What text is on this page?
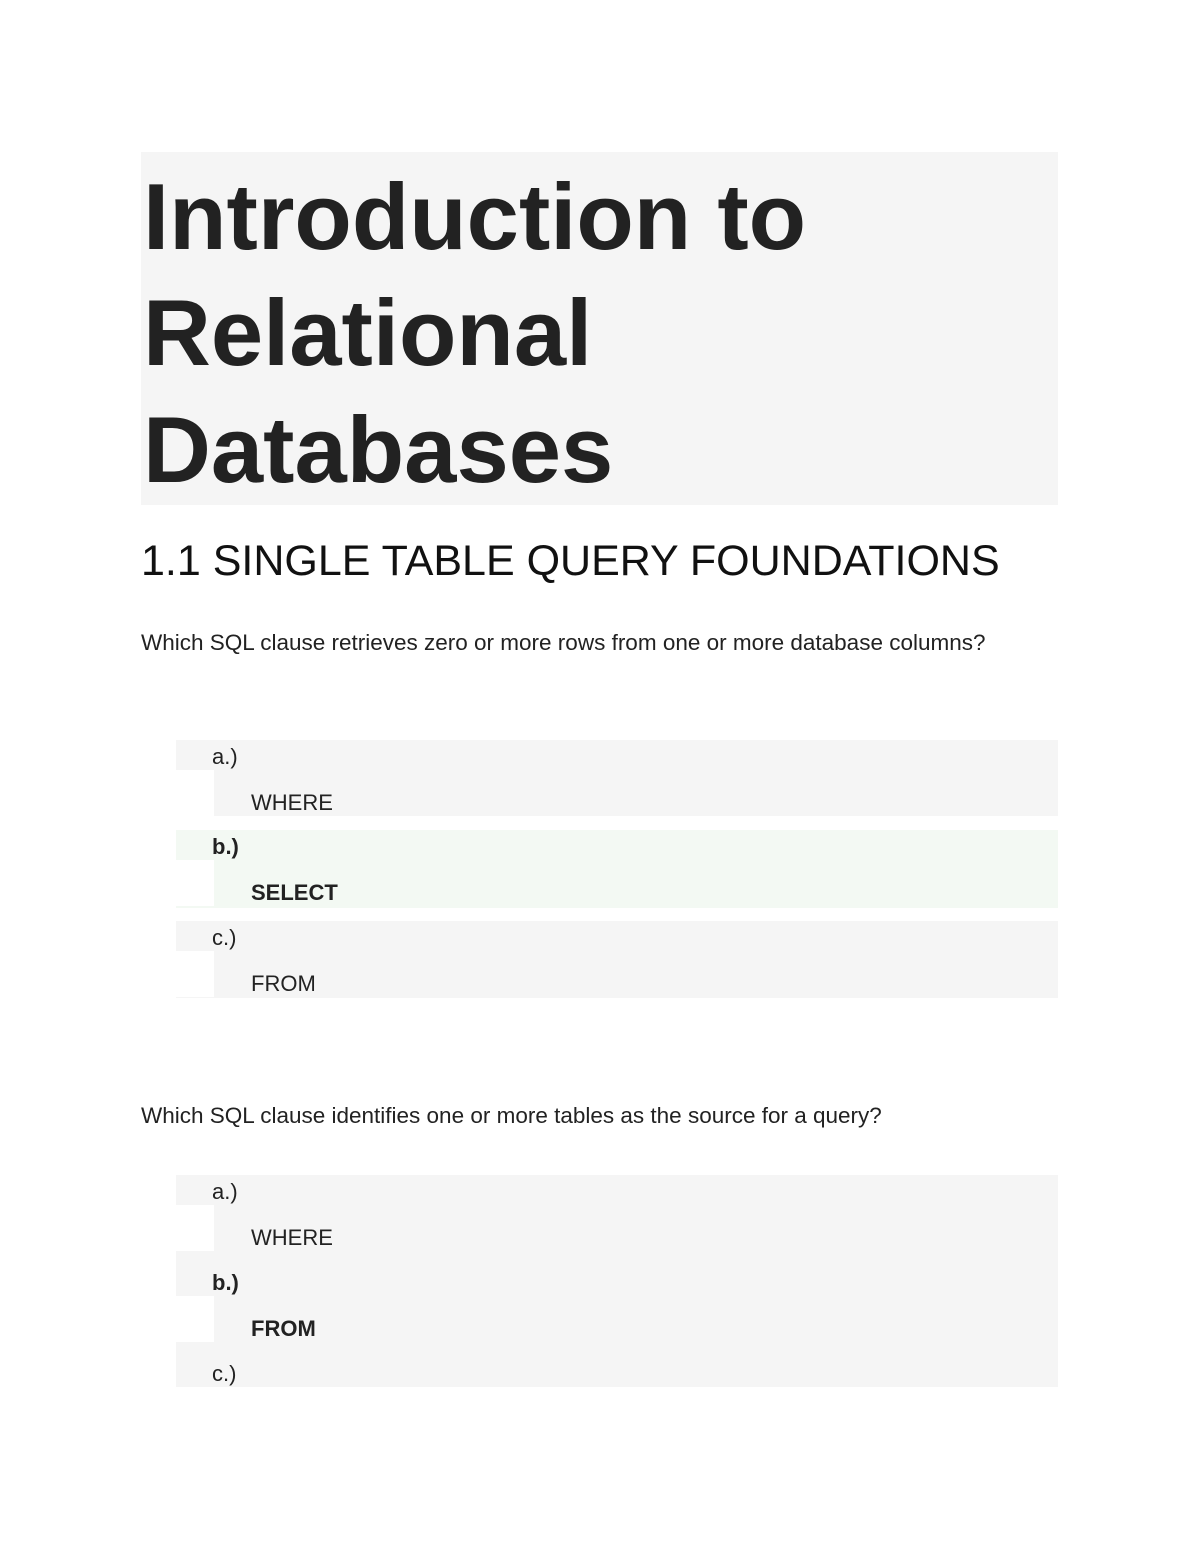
Introduction to
Relational
Databases
1.1 SINGLE TABLE QUERY FOUNDATIONS
Which SQL clause retrieves zero or more rows from one or more database columns?
a.)
WHERE
b.)
SELECT
c.)
FROM
Which SQL clause identifies one or more tables as the source for a query?
a.)
WHERE
b.)
FROM
c.)
